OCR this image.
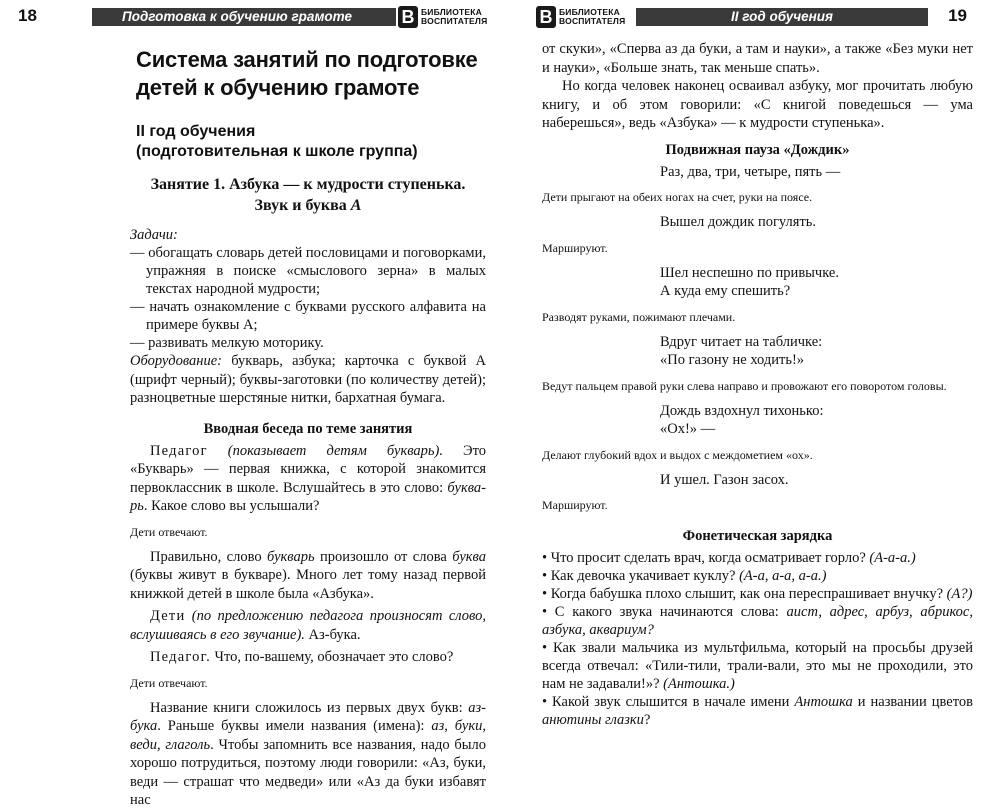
18	Подготовка к обучению грамоте	В БИБЛИОТЕКА
ВОСПИТАТЕЛЯ
Система занятий по подготовке детей к обучению грамоте
II год обучения
(подготовительная к школе группа)
Занятие 1. Азбука — к мудрости ступенька.
Звук и буква А
Задачи:
— обогащать словарь детей пословицами и поговорками, упражняя в поиске «смыслового зерна» в малых текстах народной мудрости;
— начать ознакомление с буквами русского алфавита на примере буквы А;
— развивать мелкую моторику.

Оборудование: букварь, азбука; карточка с буквой А (шрифт черный); буквы-заготовки (по количеству детей); разноцветные шерстяные нитки, бархатная бумага.

Вводная беседа по теме занятия

Педагог (показывает детям букварь). Это «Букварь» — первая книжка, с которой знакомится первоклассник в школе. Вслушайтесь в это слово: буква-рь. Какое слово вы услышали?

Дети отвечают.

Правильно, слово букварь произошло от слова буква (буквы живут в букваре). Много лет тому назад первой книжкой детей в школе была «Азбука».

Дети (по предложению педагога произносят слово, вслушиваясь в его звучание). Аз-бука.

Педагог. Что, по-вашему, обозначает это слово?

Дети отвечают.

Название книги сложилось из первых двух букв: аз-бука. Раньше буквы имели названия (имена): аз, буки, веди, глаголь. Чтобы запомнить все названия, надо было хорошо потрудиться, поэтому люди говорили: «Аз, буки, веди — страшат что медведи» или «Аз да буки избавят нас

В БИБЛИОТЕКА
ВОСПИТАТЕЛЯ	II год обучения	19

от скуки», «Сперва аз да буки, а там и науки», а также «Без муки нет и науки», «Больше знать, так меньше спать».

Но когда человек наконец осваивал азбуку, мог прочитать любую книгу, и об этом говорили: «С книгой поведешься — ума наберешься», ведь «Азбука» — к мудрости ступенька».

Подвижная пауза «Дождик»
Раз, два, три, четыре, пять —

Дети прыгают на обеих ногах на счет, руки на поясе.

Вышел дождик погулять.

Маршируют.

Шел неспешно по привычке.
А куда ему спешить?

Разводят руками, пожимают плечами.

Вдруг читает на табличке:
«По газону не ходить!»

Ведут пальцем правой руки слева направо и провожают его поворотом головы.

Дождь вздохнул тихонько:
«Ох!» —

Делают глубокий вдох и выдох с междометием «ох».

И ушел. Газон засох.

Маршируют.

Фонетическая зарядка
• Что просит сделать врач, когда осматривает горло? (А-а-а.)
• Как девочка укачивает куклу? (А-а, а-а, а-а.)
• Когда бабушка плохо слышит, как она переспрашивает внучку? (А?)
• С какого звука начинаются слова: аист, адрес, арбуз, абрикос, азбука, аквариум?
• Как звали мальчика из мультфильма, который на просьбы друзей всегда отвечал: «Тили-тили, трали-вали, это мы не проходили, это нам не задавали!»? (Антошка.)
• Какой звук слышится в начале имени Антошка и названии цветов анютины глазки?
